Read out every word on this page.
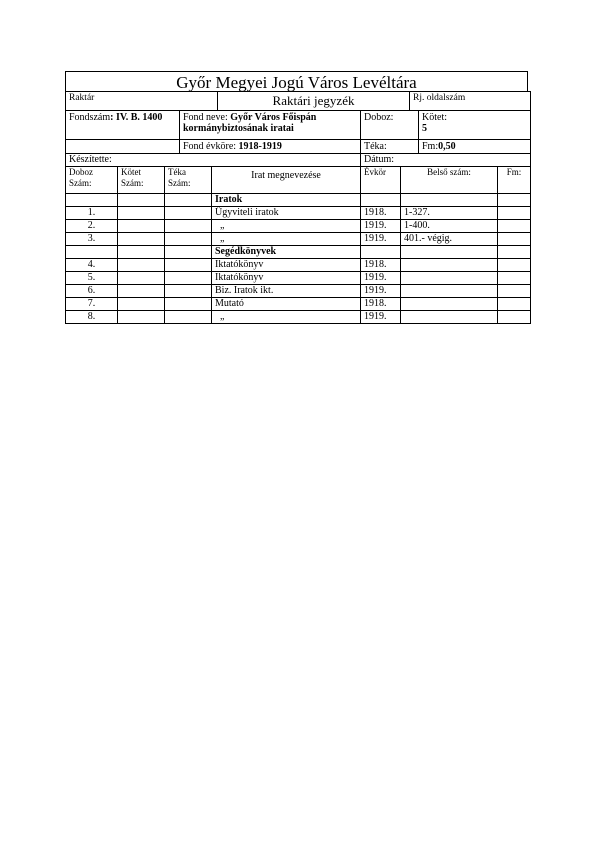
Győr Megyei Jogú Város Levéltára
Raktár	Raktári jegyzék	Rj. oldalszám
Fondszám: IV. B. 1400	Fond neve: Győr Város Főispán kormánybiztosának iratai	Doboz:	Kötet:
5
	Fond évköre: 1918-1919	Téka:	Fm:0,50
Készítette:	Dátum:
Doboz Szám:	Kötet Szám:	Téka Szám:	Irat megnevezése	Évkör	Belső szám:	Fm:
			Iratok			
1.			Ügyviteli iratok	1918.	1-327.	
2.			„	1919.	1-400.	
3.			„	1919.	401.- végig.	
			Segédkönyvek			
4.			Iktatókönyv	1918.		
5.			Iktatókönyv	1919.		
6.			Biz. Iratok ikt.	1919.		
7.			Mutató	1918.		
8.			„	1919.		
